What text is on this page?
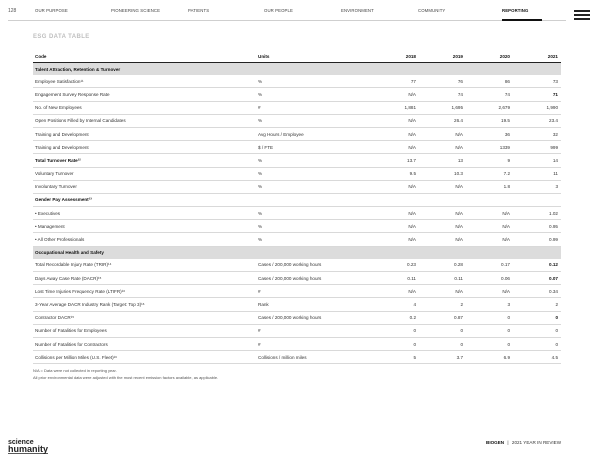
128	OUR PURPOSE	PIONEERING SCIENCE	PATIENTS	OUR PEOPLE	ENVIRONMENT	COMMUNITY	REPORTING
ESG DATA TABLE
Code	Units	2018	2019	2020	2021
Talent Attraction, Retention & Turnover					
Employee Satisfaction¹¹	%	77	76	86	73
Engagement Survey Response Rate	%	N/A	74	74	71
No. of New Employees	#	1,881	1,695	2,679	1,990
Open Positions Filled by Internal Candidates	%	N/A	26.4	19.5	23.4
Training and Development	Avg Hours / Employee	N/A	N/A	36	32
Training and Development	$ / FTE	N/A	N/A	1339	999
Total Turnover Rate¹²	%	13.7	13	9	14
Voluntary Turnover	%	9.5	10.3	7.2	11
Involuntary Turnover	%	N/A	N/A	1.8	3
Gender Pay Assessment¹³					
• Executives	%	N/A	N/A	N/A	1.02
• Management	%	N/A	N/A	N/A	0.95
• All Other Professionals	%	N/A	N/A	N/A	0.99
Occupational Health and Safety					
Total Recordable Injury Rate (TRIR)¹⁴	Cases / 200,000 working hours	0.23	0.28	0.17	0.12
Days Away Case Rate (DACR)¹⁵	Cases / 200,000 working hours	0.11	0.11	0.06	0.07
Lost Time Injuries Frequency Rate (LTIFR)¹⁶	#	N/A	N/A	N/A	0.34
3-Year Average DACR Industry Rank (Target: Top 3)¹⁶	Rank	4	2	3	2
Contractor DACR¹⁵	Cases / 200,000 working hours	0.2	0.87	0	0
Number of Fatalities for Employees	#	0	0	0	0
Number of Fatalities for Contractors	#	0	0	0	0
Collisions per Million Miles (U.S. Fleet)¹⁶	Collisions / million miles	5	3.7	6.9	4.5
N/A = Data were not collected in reporting year.
All prior environmental data were adjusted with the most recent emission factors available, as applicable.
science
humanity
BIOGEN | 2021 YEAR IN REVIEW
